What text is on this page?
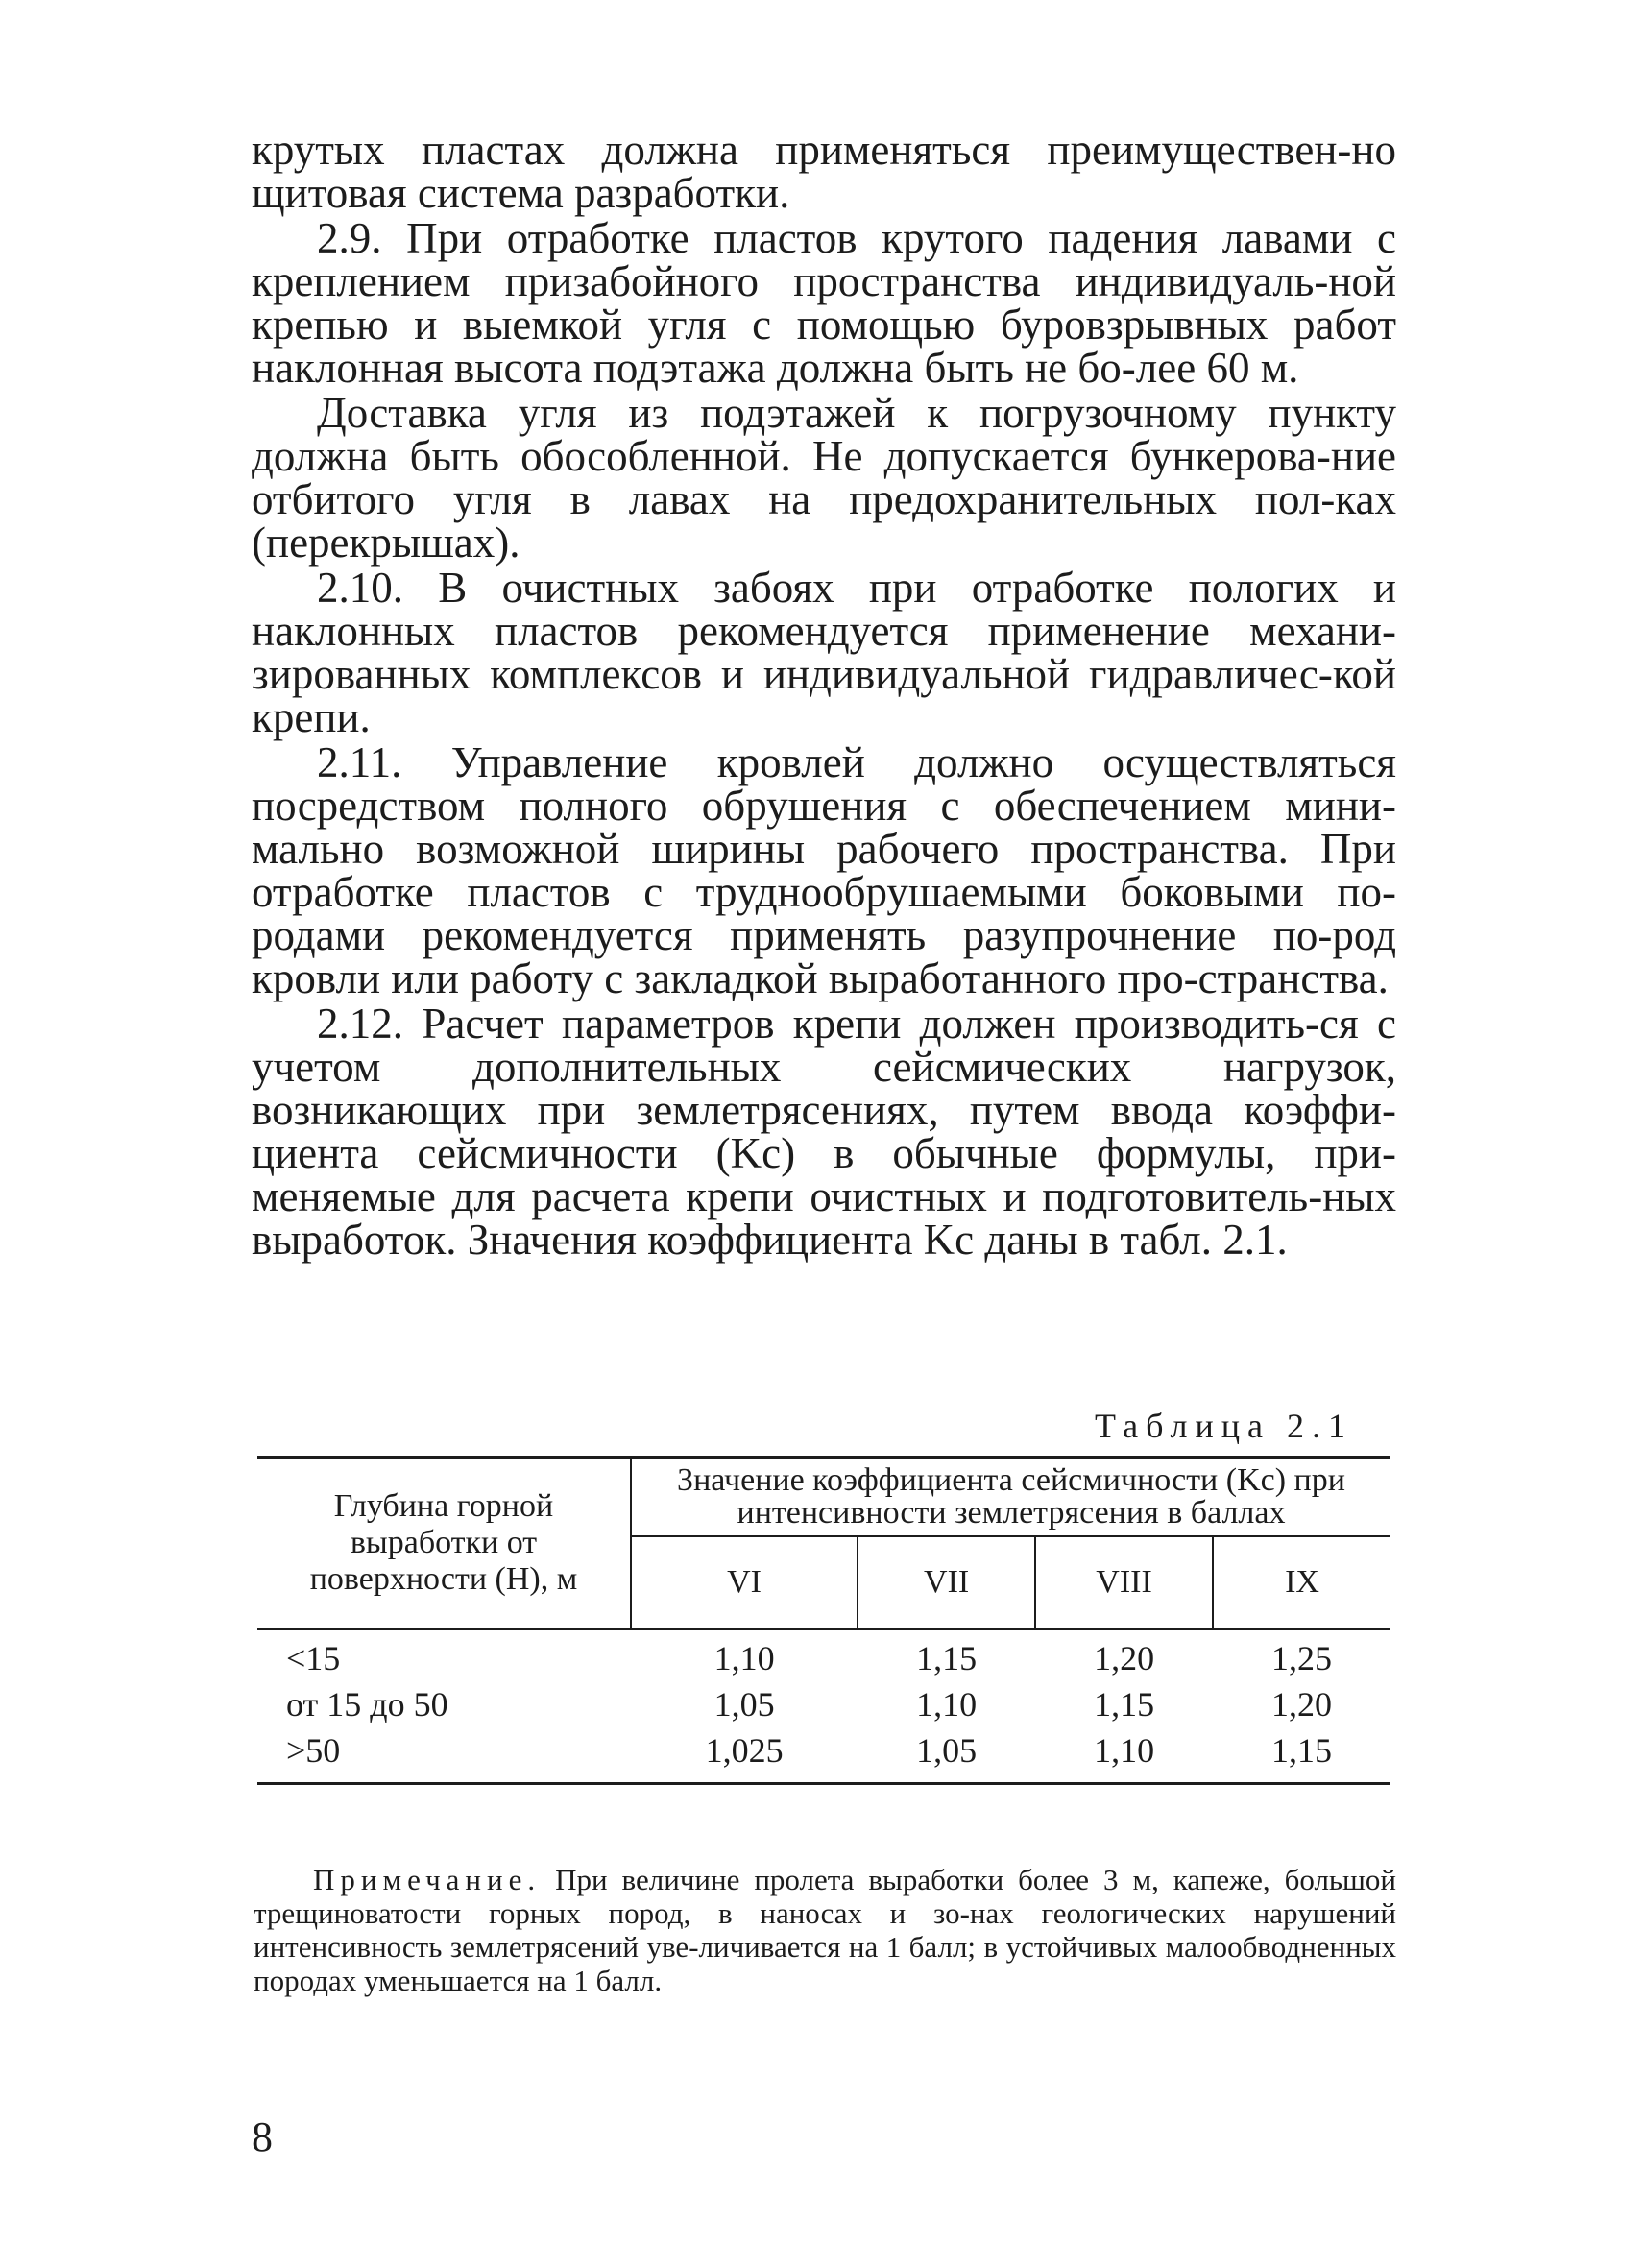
крутых пластах должна применяться преимуществен-но щитовая система разработки.

2.9. При отработке пластов крутого падения лавами с креплением призабойного пространства индивидуаль-ной крепью и выемкой угля с помощью буровзрывных работ наклонная высота подэтажа должна быть не бо-лее 60 м.

Доставка угля из подэтажей к погрузочному пункту должна быть обособленной. Не допускается бункерова-ние отбитого угля в лавах на предохранительных пол-ках (перекрышах).

2.10. В очистных забоях при отработке пологих и наклонных пластов рекомендуется применение механи-зированных комплексов и индивидуальной гидравличес-кой крепи.

2.11. Управление кровлей должно осуществляться посредством полного обрушения с обеспечением мини-мально возможной ширины рабочего пространства. При отработке пластов с труднообрушаемыми боковыми по-родами рекомендуется применять разупрочнение по-род кровли или работу с закладкой выработанного про-странства.

2.12. Расчет параметров крепи должен производить-ся с учетом дополнительных сейсмических нагрузок, возникающих при землетрясениях, путем ввода коэффи-циента сейсмичности (Kc) в обычные формулы, при-меняемые для расчета крепи очистных и подготовитель-ных выработок. Значения коэффициента Kc даны в табл. 2.1.

Таблица 2.1
Глубина горной выработки от поверхности (H), м	Значение коэффициента сейсмичности (Kc) при интенсивности землетрясения в баллах			
	VI	VII	VIII	IX
<15	1,10	1,15	1,20	1,25
от 15 до 50	1,05	1,10	1,15	1,20
>50	1,025	1,05	1,10	1,15
Примечание. При величине пролета выработки более 3 м, капеже, большой трещиноватости горных пород, в наносах и зо-нах геологических нарушений интенсивность землетрясений уве-личивается на 1 балл; в устойчивых малообводненных породах уменьшается на 1 балл.
8
